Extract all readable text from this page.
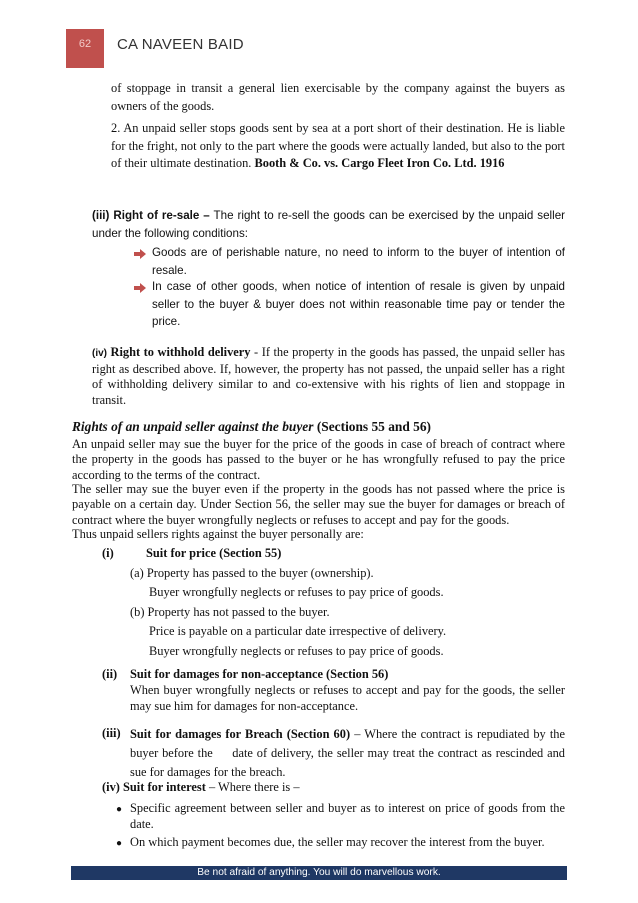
62	CA NAVEEN BAID

of stoppage in transit a general lien exercisable by the company against the buyers as owners of the goods.

2. An unpaid seller stops goods sent by sea at a port short of their destination. He is liable for the fright, not only to the part where the goods were actually landed, but also to the port of their ultimate destination. Booth & Co. vs. Cargo Fleet Iron Co. Ltd. 1916

(iii) Right of re-sale – The right to re-sell the goods can be exercised by the unpaid seller under the following conditions:

Goods are of perishable nature, no need to inform to the buyer of intention of resale.

In case of other goods, when notice of intention of resale is given by unpaid seller to the buyer & buyer does not within reasonable time pay or tender the price.

(iv) Right to withhold delivery - If the property in the goods has passed, the unpaid seller has right as described above. If, however, the property has not passed, the unpaid seller has a right of withholding delivery similar to and co-extensive with his rights of lien and stoppage in transit.

Rights of an unpaid seller against the buyer (Sections 55 and 56)

An unpaid seller may sue the buyer for the price of the goods in case of breach of contract where the property in the goods has passed to the buyer or he has wrongfully refused to pay the price according to the terms of the contract.

The seller may sue the buyer even if the property in the goods has not passed where the price is payable on a certain day. Under Section 56, the seller may sue the buyer for damages or breach of contract where the buyer wrongfully neglects or refuses to accept and pay for the goods.

Thus unpaid sellers rights against the buyer personally are:

(i)	Suit for price (Section 55)

(a) Property has passed to the buyer (ownership).

Buyer wrongfully neglects or refuses to pay price of goods.

(b) Property has not passed to the buyer.

Price is payable on a particular date irrespective of delivery.

Buyer wrongfully neglects or refuses to pay price of goods.

(ii) Suit for damages for non-acceptance (Section 56)

When buyer wrongfully neglects or refuses to accept and pay for the goods, the seller may sue him for damages for non-acceptance.

(iii) Suit for damages for Breach (Section 60) – Where the contract is repudiated by the buyer before the     date of delivery, the seller may treat the contract as rescinded and sue for damages for the breach.

(iv) Suit for interest – Where there is –

● Specific agreement between seller and buyer as to interest on price of goods from the date.

● On which payment becomes due, the seller may recover the interest from the buyer.

Be not afraid of anything. You will do marvellous work.
